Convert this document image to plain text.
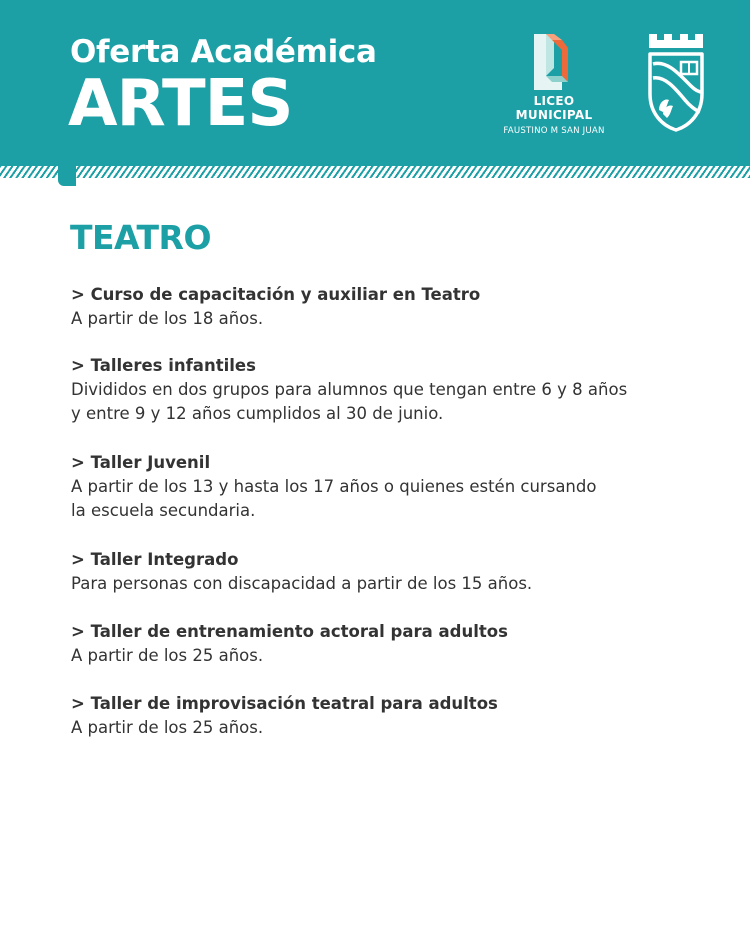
Oferta Académica
ARTES	LICEO
MUNICIPAL
FAUSTINO M SAN JUAN
TEATRO
> Curso de capacitación y auxiliar en Teatro
A partir de los 18 años.
> Talleres infantiles
Divididos en dos grupos para alumnos que tengan entre 6 y 8 años
y entre 9 y 12 años cumplidos al 30 de junio.
> Taller Juvenil
A partir de los 13 y hasta los 17 años o quienes estén cursando
la escuela secundaria.
> Taller Integrado
Para personas con discapacidad a partir de los 15 años.
> Taller de entrenamiento actoral para adultos
A partir de los 25 años.
> Taller de improvisación teatral para adultos
A partir de los 25 años.
